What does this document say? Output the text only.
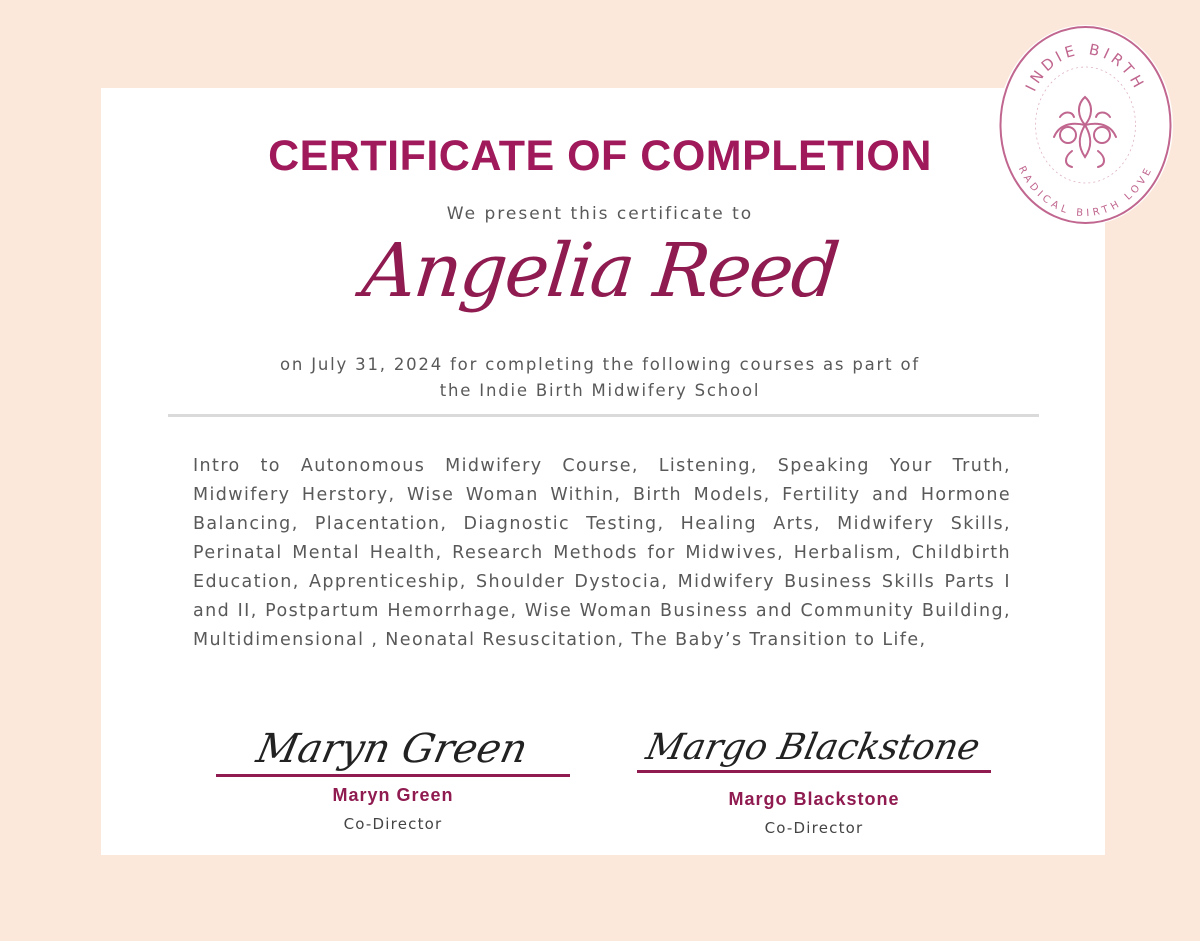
CERTIFICATE OF COMPLETION
We present this certificate to
Angelia Reed
on July 31, 2024 for completing the following courses as part of
the Indie Birth Midwifery School

Intro to Autonomous Midwifery Course, Listening, Speaking Your Truth, Midwifery Herstory, Wise Woman Within, Birth Models, Fertility and Hormone Balancing, Placentation, Diagnostic Testing, Healing Arts, Midwifery Skills, Perinatal Mental Health, Research Methods for Midwives, Herbalism, Childbirth Education, Apprenticeship, Shoulder Dystocia, Midwifery Business Skills Parts I and II, Postpartum Hemorrhage, Wise Woman Business and Community Building, Multidimensional , Neonatal Resuscitation, The Baby’s Transition to Life,

Maryn Green
Maryn Green
Co-Director
Margo Blackstone
Margo Blackstone
Co-Director
INDIE BIRTH
RADICAL BIRTH LOVE
